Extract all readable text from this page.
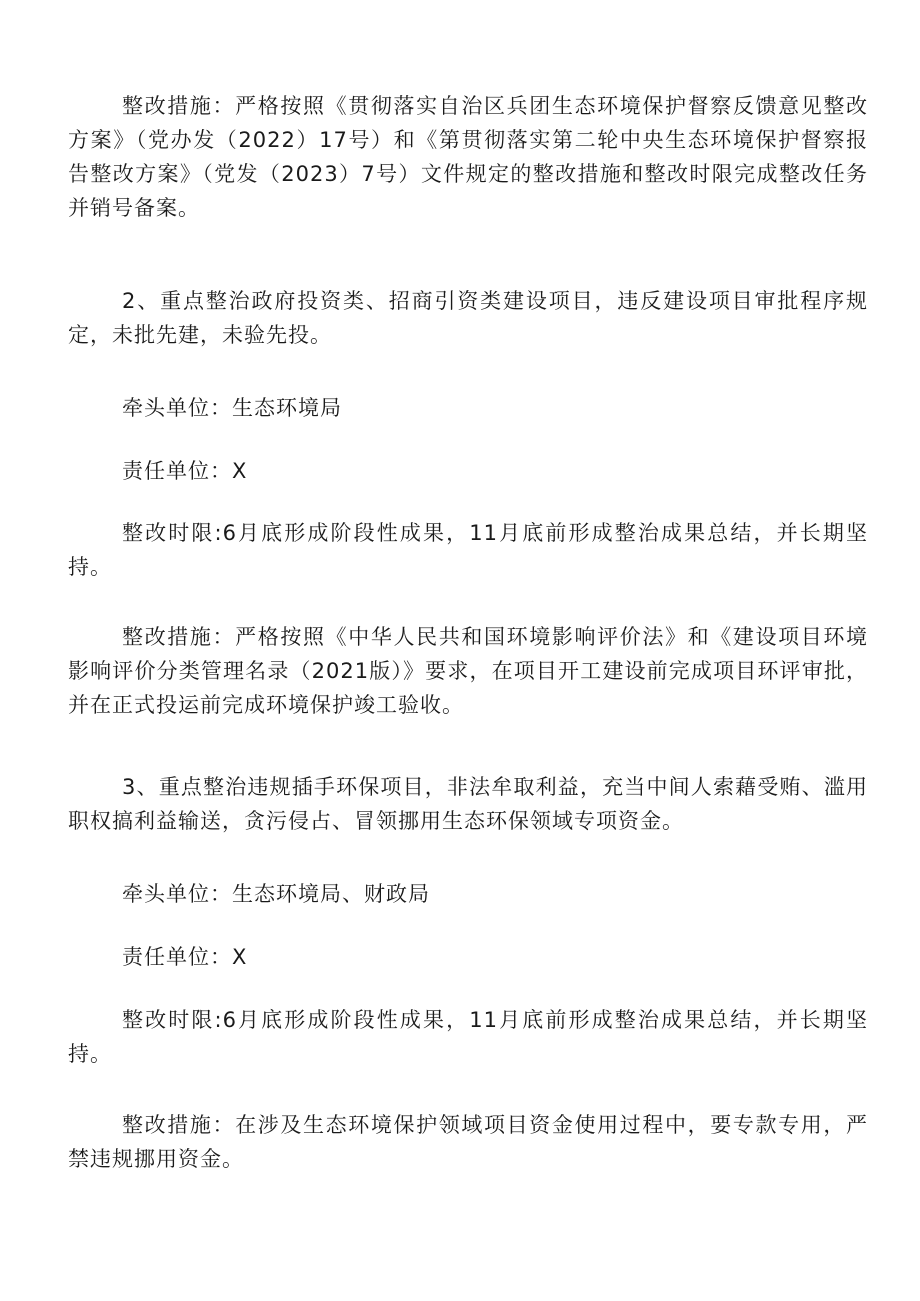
整改措施：严格按照《贯彻落实自治区兵团生态环境保护督察反馈意见整改方案》（党办发（2022）17号）和《第贯彻落实第二轮中央生态环境保护督察报告整改方案》（党发（2023）7号）文件规定的整改措施和整改时限完成整改任务并销号备案。

2、重点整治政府投资类、招商引资类建设项目，违反建设项目审批程序规定，未批先建，未验先投。

牵头单位：生态环境局

责任单位：X

整改时限:6月底形成阶段性成果，11月底前形成整治成果总结，并长期坚持。

整改措施：严格按照《中华人民共和国环境影响评价法》和《建设项目环境影响评价分类管理名录（2021版）》要求，在项目开工建设前完成项目环评审批，并在正式投运前完成环境保护竣工验收。

3、重点整治违规插手环保项目，非法牟取利益，充当中间人索藉受贿、滥用职权搞利益输送，贪污侵占、冒领挪用生态环保领域专项资金。

牵头单位：生态环境局、财政局

责任单位：X

整改时限:6月底形成阶段性成果，11月底前形成整治成果总结，并长期坚持。

整改措施：在涉及生态环境保护领域项目资金使用过程中，要专款专用，严禁违规挪用资金。
